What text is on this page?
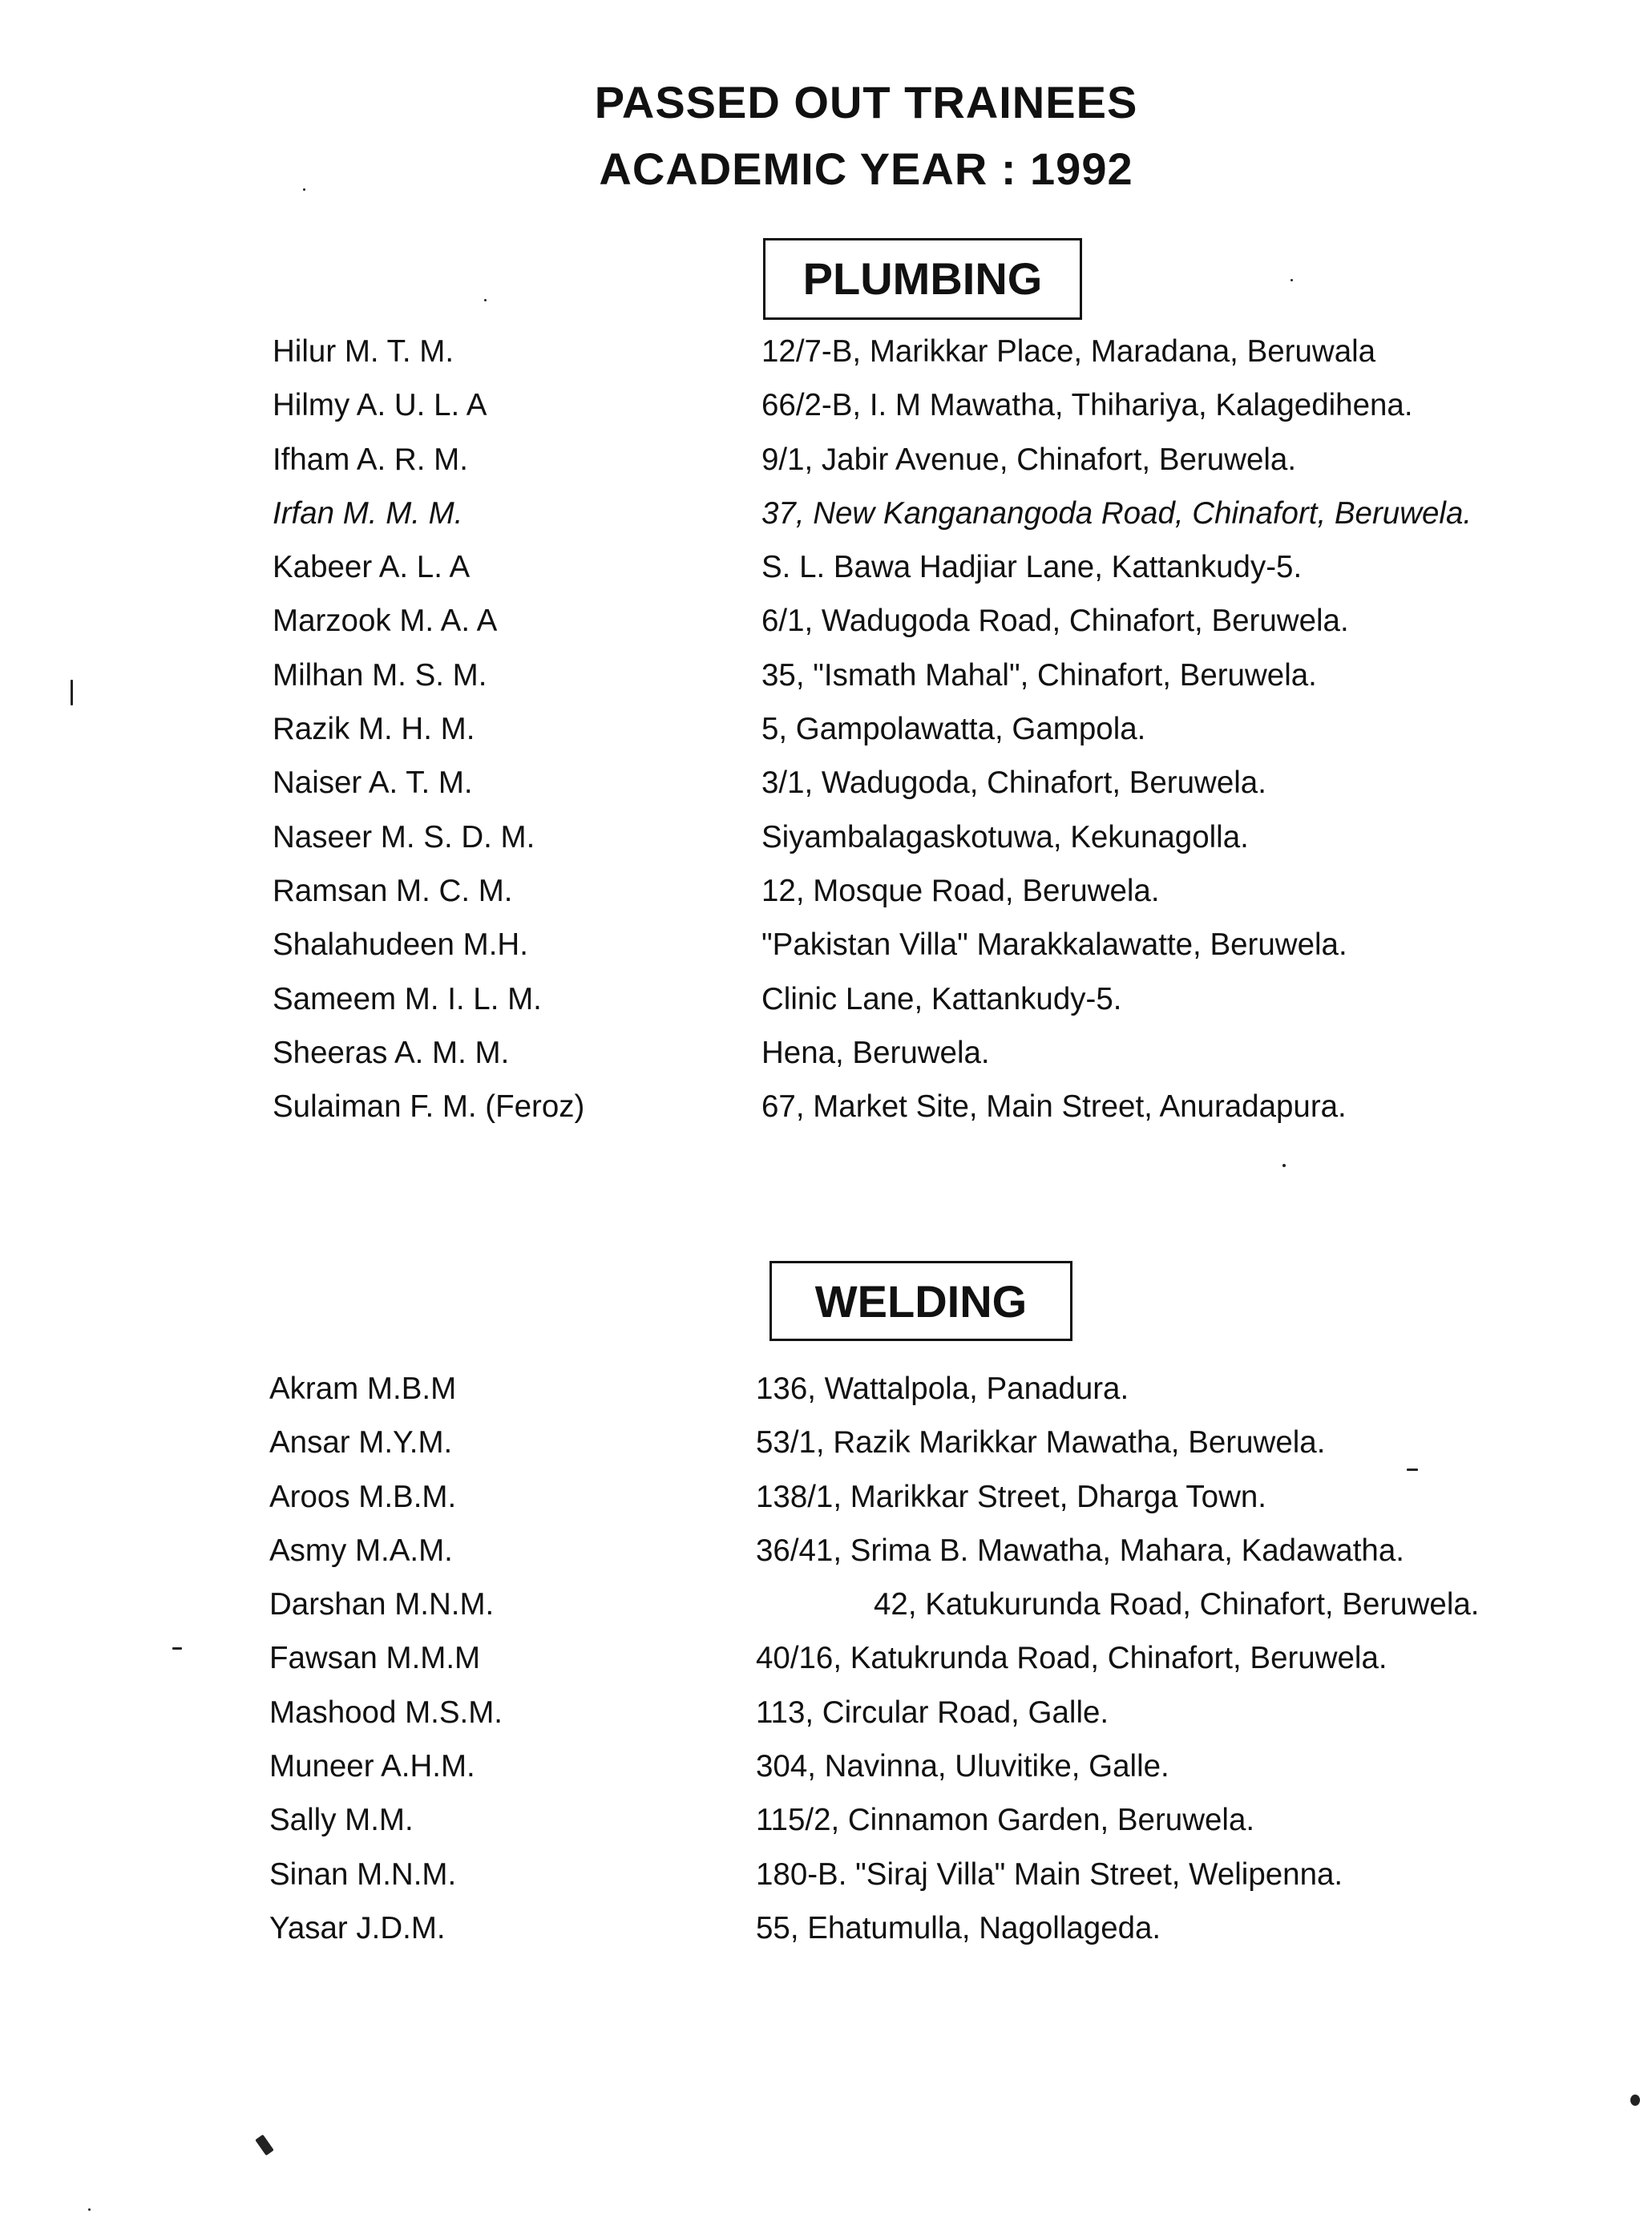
PASSED OUT TRAINEES
ACADEMIC YEAR : 1992
PLUMBING
Hilur M. T. M.	12/7-B, Marikkar Place, Maradana, Beruwala
Hilmy A. U. L. A	66/2-B, I. M Mawatha, Thihariya, Kalagedihena.
Ifham A. R. M.	9/1, Jabir Avenue, Chinafort, Beruwela.
Irfan M. M. M.	37, New Kanganangoda Road, Chinafort, Beruwela.
Kabeer A. L. A	S. L. Bawa Hadjiar Lane, Kattankudy-5.
Marzook M. A. A	6/1, Wadugoda Road, Chinafort, Beruwela.
Milhan M. S. M.	35, "Ismath Mahal", Chinafort, Beruwela.
Razik M. H. M.	5, Gampolawatta, Gampola.
Naiser A. T. M.	3/1, Wadugoda, Chinafort, Beruwela.
Naseer M. S. D. M.	Siyambalagaskotuwa, Kekunagolla.
Ramsan M. C. M.	12, Mosque Road, Beruwela.
Shalahudeen M.H.	"Pakistan Villa" Marakkalawatte, Beruwela.
Sameem M. I. L. M.	Clinic Lane, Kattankudy-5.
Sheeras A. M. M.	Hena, Beruwela.
Sulaiman F. M. (Feroz)	67, Market Site, Main Street, Anuradapura.
WELDING
Akram M.B.M	136, Wattalpola, Panadura.
Ansar M.Y.M.	53/1, Razik Marikkar Mawatha, Beruwela.
Aroos M.B.M.	138/1, Marikkar Street, Dharga Town.
Asmy M.A.M.	36/41, Srima B. Mawatha, Mahara, Kadawatha.
Darshan M.N.M.	42, Katukurunda Road, Chinafort, Beruwela.
Fawsan M.M.M	40/16, Katukrunda Road, Chinafort, Beruwela.
Mashood M.S.M.	113, Circular Road, Galle.
Muneer A.H.M.	304, Navinna, Uluvitike, Galle.
Sally M.M.	115/2, Cinnamon Garden, Beruwela.
Sinan M.N.M.	180-B. "Siraj Villa" Main Street, Welipenna.
Yasar J.D.M.	55, Ehatumulla, Nagollageda.
